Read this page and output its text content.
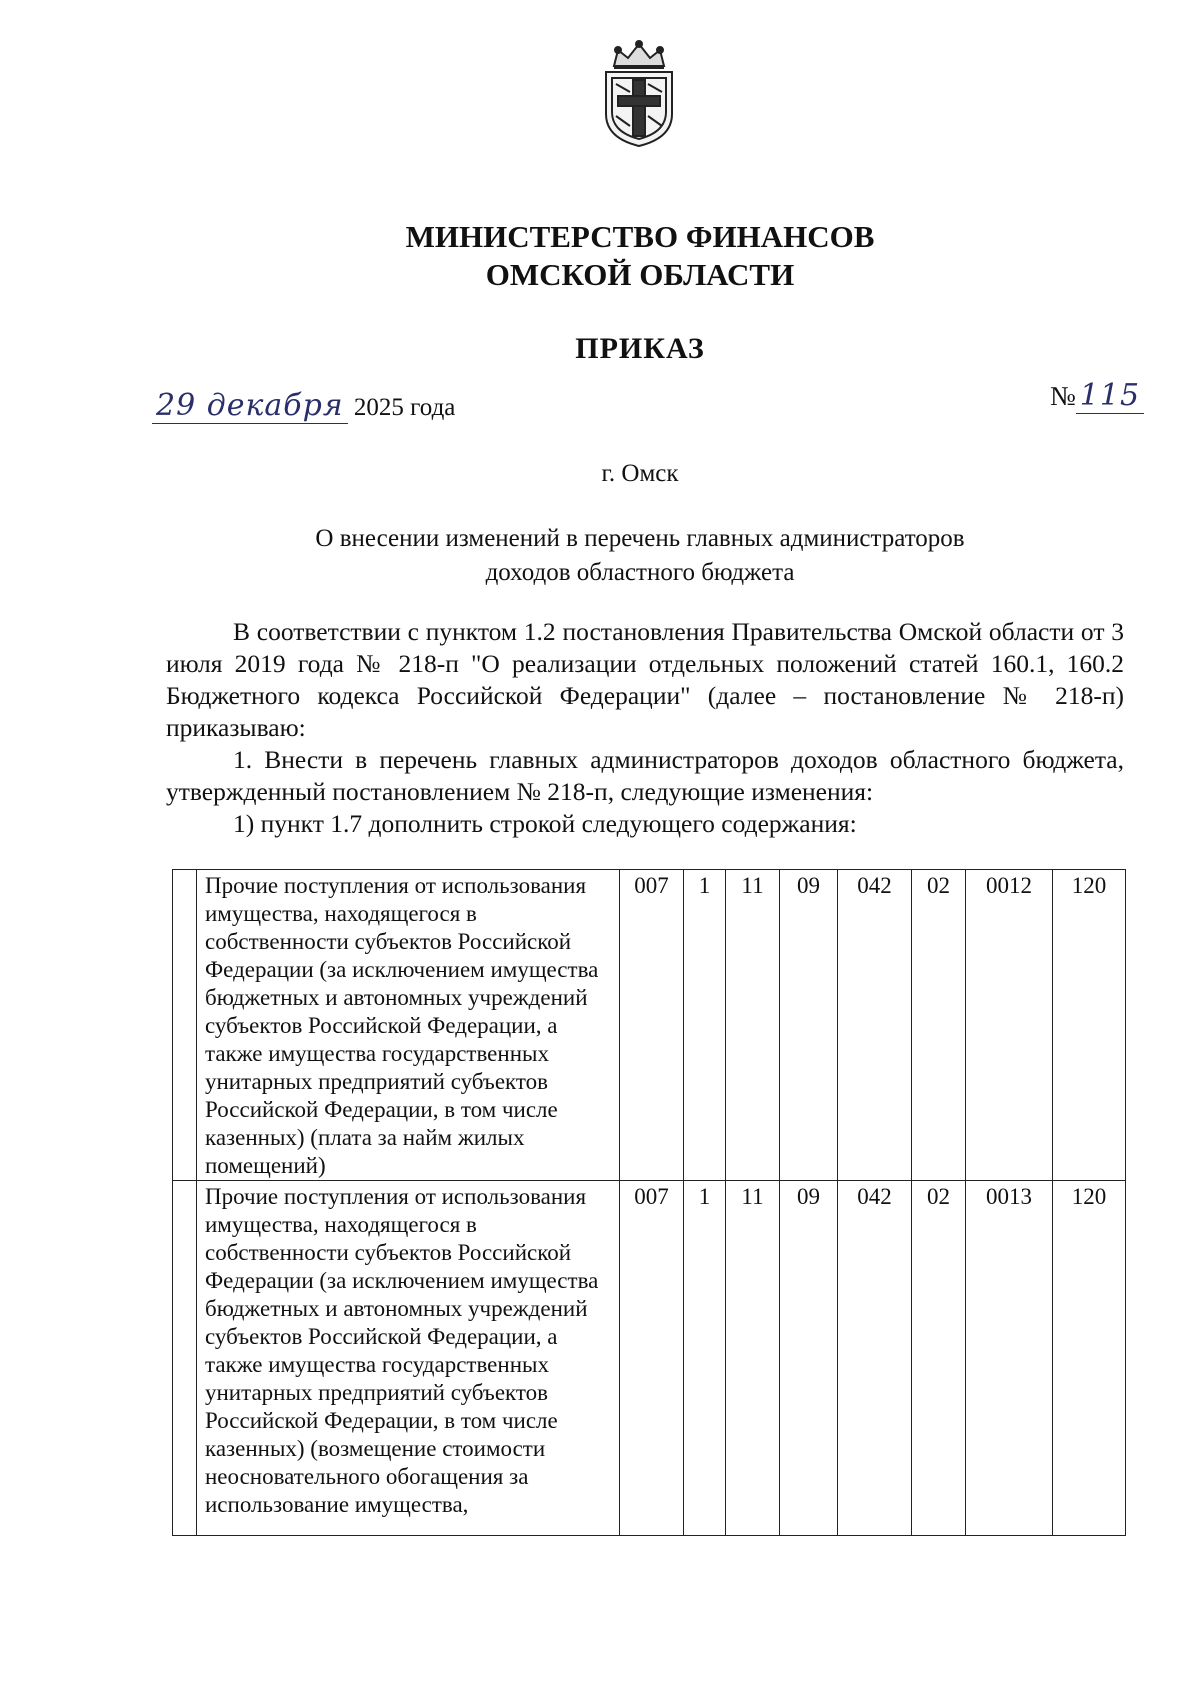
МИНИСТЕРСТВО ФИНАНСОВ
ОМСКОЙ ОБЛАСТИ
ПРИКАЗ
29 декабря 2025 года	№ 115
г. Омск
О внесении изменений в перечень главных администраторов
доходов областного бюджета

В соответствии с пунктом 1.2 постановления Правительства Омской области от 3 июля 2019 года № 218-п "О реализации отдельных положений статей 160.1, 160.2 Бюджетного кодекса Российской Федерации" (далее – постановление № 218-п) приказываю:

1. Внести в перечень главных администраторов доходов областного бюджета, утвержденный постановлением № 218-п, следующие изменения:

1) пункт 1.7 дополнить строкой следующего содержания:

	Прочие поступления от использования имущества, находящегося в собственности субъектов Российской Федерации (за исключением имущества бюджетных и автономных учреждений субъектов Российской Федерации, а также имущества государственных унитарных предприятий субъектов Российской Федерации, в том числе казенных) (плата за найм жилых помещений)	007	1	11	09	042	02	0012	120
	Прочие поступления от использования имущества, находящегося в собственности субъектов Российской Федерации (за исключением имущества бюджетных и автономных учреждений субъектов Российской Федерации, а также имущества государственных унитарных предприятий субъектов Российской Федерации, в том числе казенных) (возмещение стоимости неосновательного обогащения за использование имущества,	007	1	11	09	042	02	0013	120
